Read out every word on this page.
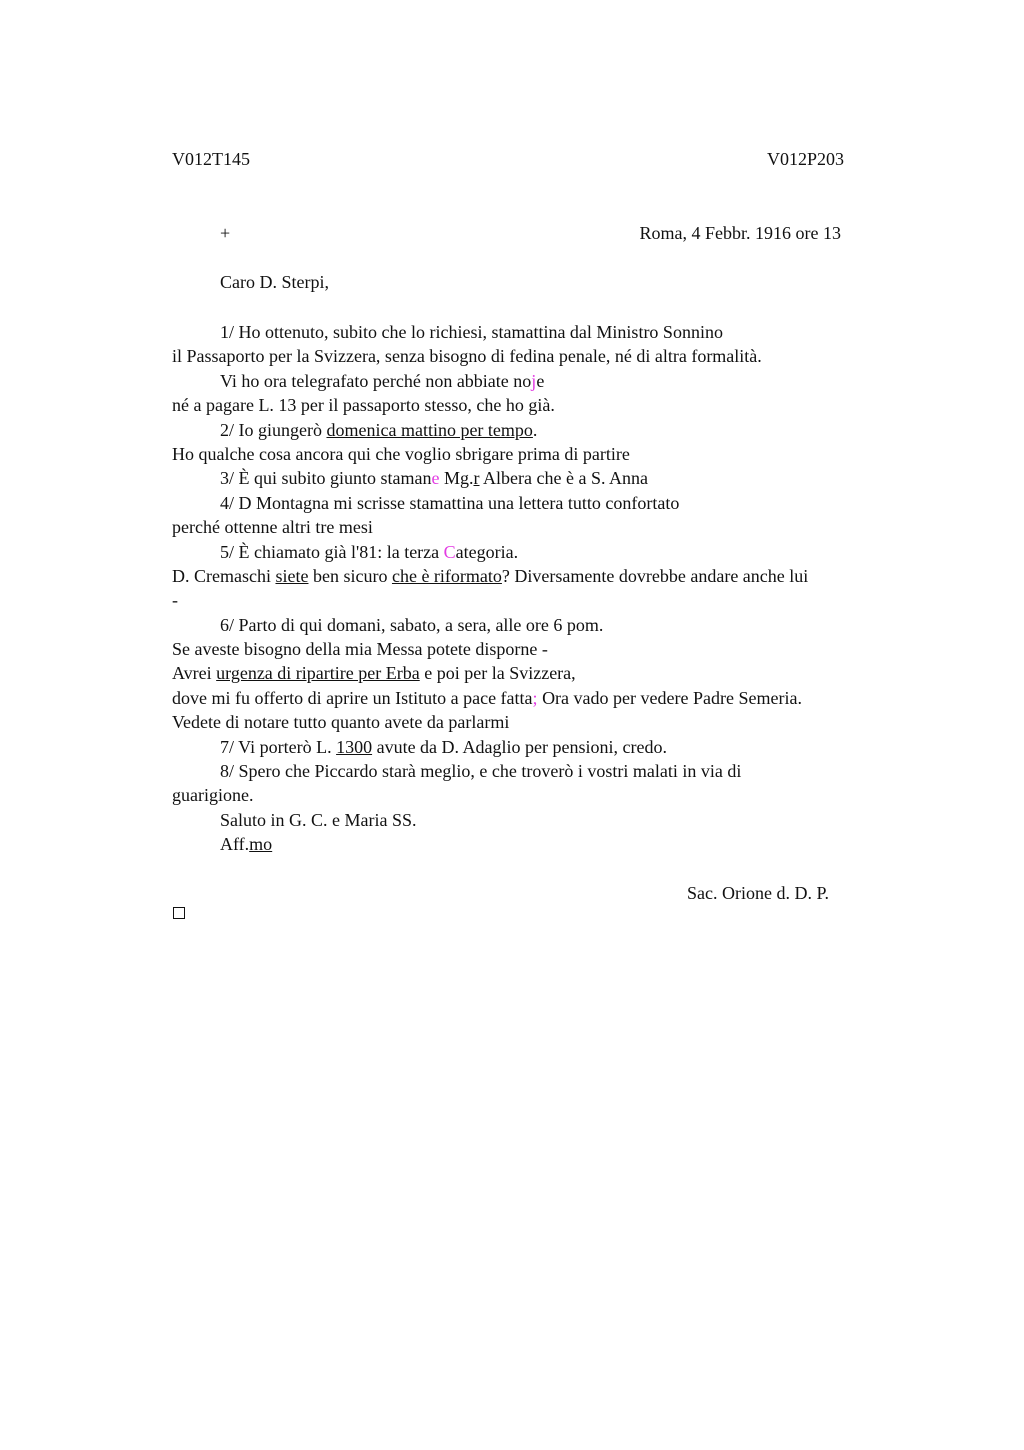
V012T145	V012P203
+	Roma, 4 Febbr. 1916 ore 13
Caro D. Sterpi,
1/ Ho ottenuto, subito che lo richiesi, stamattina dal Ministro Sonnino
il Passaporto per la Svizzera, senza bisogno di fedina penale, né di altra formalità.
Vi ho ora telegrafato perché non abbiate noje
né a pagare L. 13 per il passaporto stesso, che ho già.
2/ Io giungerò domenica mattino per tempo.
Ho qualche cosa ancora qui che voglio sbrigare prima di partire
3/ È qui subito giunto stamane Mg.r Albera che è a S. Anna
4/ D Montagna mi scrisse stamattina una lettera tutto confortato
perché ottenne altri tre mesi
5/ È chiamato già l'81: la terza Categoria.
D. Cremaschi siete ben sicuro che è riformato? Diversamente dovrebbe andare anche lui
-
6/ Parto di qui domani, sabato, a sera, alle ore 6 pom.
Se aveste bisogno della mia Messa potete disporne -
Avrei urgenza di ripartire per Erba e poi per la Svizzera,
dove mi fu offerto di aprire un Istituto a pace fatta; Ora vado per vedere Padre Semeria.
Vedete di notare tutto quanto avete da parlarmi
7/ Vi porterò L. 1300 avute da D. Adaglio per pensioni, credo.
8/ Spero che Piccardo starà meglio, e che troverò i vostri malati in via di
guarigione.
Saluto in G. C. e Maria SS.
Aff.mo
Sac. Orione d. D. P.
